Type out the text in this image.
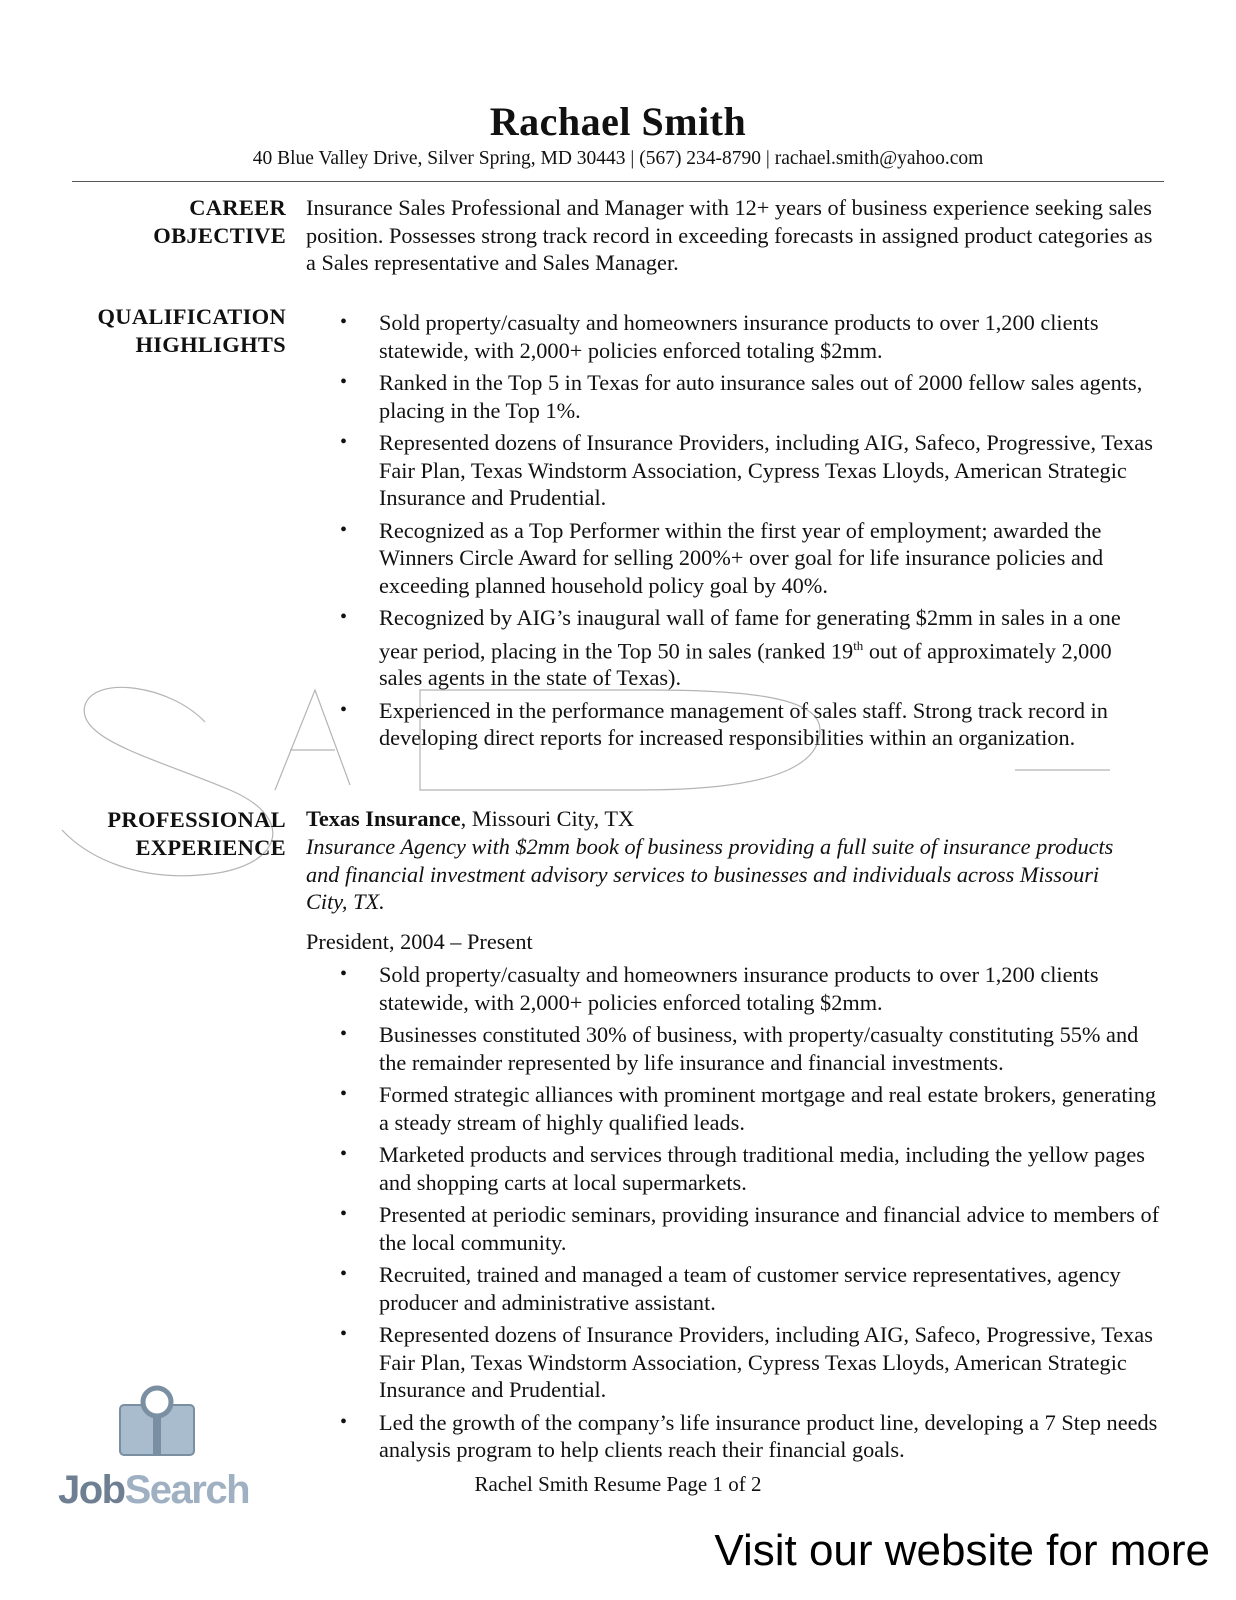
Rachael Smith
40 Blue Valley Drive, Silver Spring, MD 30443 | (567) 234-8790 | rachael.smith@yahoo.com
CAREER
OBJECTIVE
Insurance Sales Professional and Manager with 12+ years of business experience seeking sales position. Possesses strong track record in exceeding forecasts in assigned product categories as a Sales representative and Sales Manager.
QUALIFICATION
HIGHLIGHTS
• Sold property/casualty and homeowners insurance products to over 1,200 clients statewide, with 2,000+ policies enforced totaling $2mm.
• Ranked in the Top 5 in Texas for auto insurance sales out of 2000 fellow sales agents, placing in the Top 1%.
• Represented dozens of Insurance Providers, including AIG, Safeco, Progressive, Texas Fair Plan, Texas Windstorm Association, Cypress Texas Lloyds, American Strategic Insurance and Prudential.
• Recognized as a Top Performer within the first year of employment; awarded the Winners Circle Award for selling 200%+ over goal for life insurance policies and exceeding planned household policy goal by 40%.
• Recognized by AIG’s inaugural wall of fame for generating $2mm in sales in a one year period, placing in the Top 50 in sales (ranked 19th out of approximately 2,000 sales agents in the state of Texas).
• Experienced in the performance management of sales staff. Strong track record in developing direct reports for increased responsibilities within an organization.
PROFESSIONAL
EXPERIENCE
Texas Insurance, Missouri City, TX
Insurance Agency with $2mm book of business providing a full suite of insurance products and financial investment advisory services to businesses and individuals across Missouri City, TX.
President, 2004 – Present
• Sold property/casualty and homeowners insurance products to over 1,200 clients statewide, with 2,000+ policies enforced totaling $2mm.
• Businesses constituted 30% of business, with property/casualty constituting 55% and the remainder represented by life insurance and financial investments.
• Formed strategic alliances with prominent mortgage and real estate brokers, generating a steady stream of highly qualified leads.
• Marketed products and services through traditional media, including the yellow pages and shopping carts at local supermarkets.
• Presented at periodic seminars, providing insurance and financial advice to members of the local community.
• Recruited, trained and managed a team of customer service representatives, agency producer and administrative assistant.
• Represented dozens of Insurance Providers, including AIG, Safeco, Progressive, Texas Fair Plan, Texas Windstorm Association, Cypress Texas Lloyds, American Strategic Insurance and Prudential.
• Led the growth of the company’s life insurance product line, developing a 7 Step needs analysis program to help clients reach their financial goals.
Rachel Smith Resume Page 1 of 2
JobSearch
Visit our website for more
